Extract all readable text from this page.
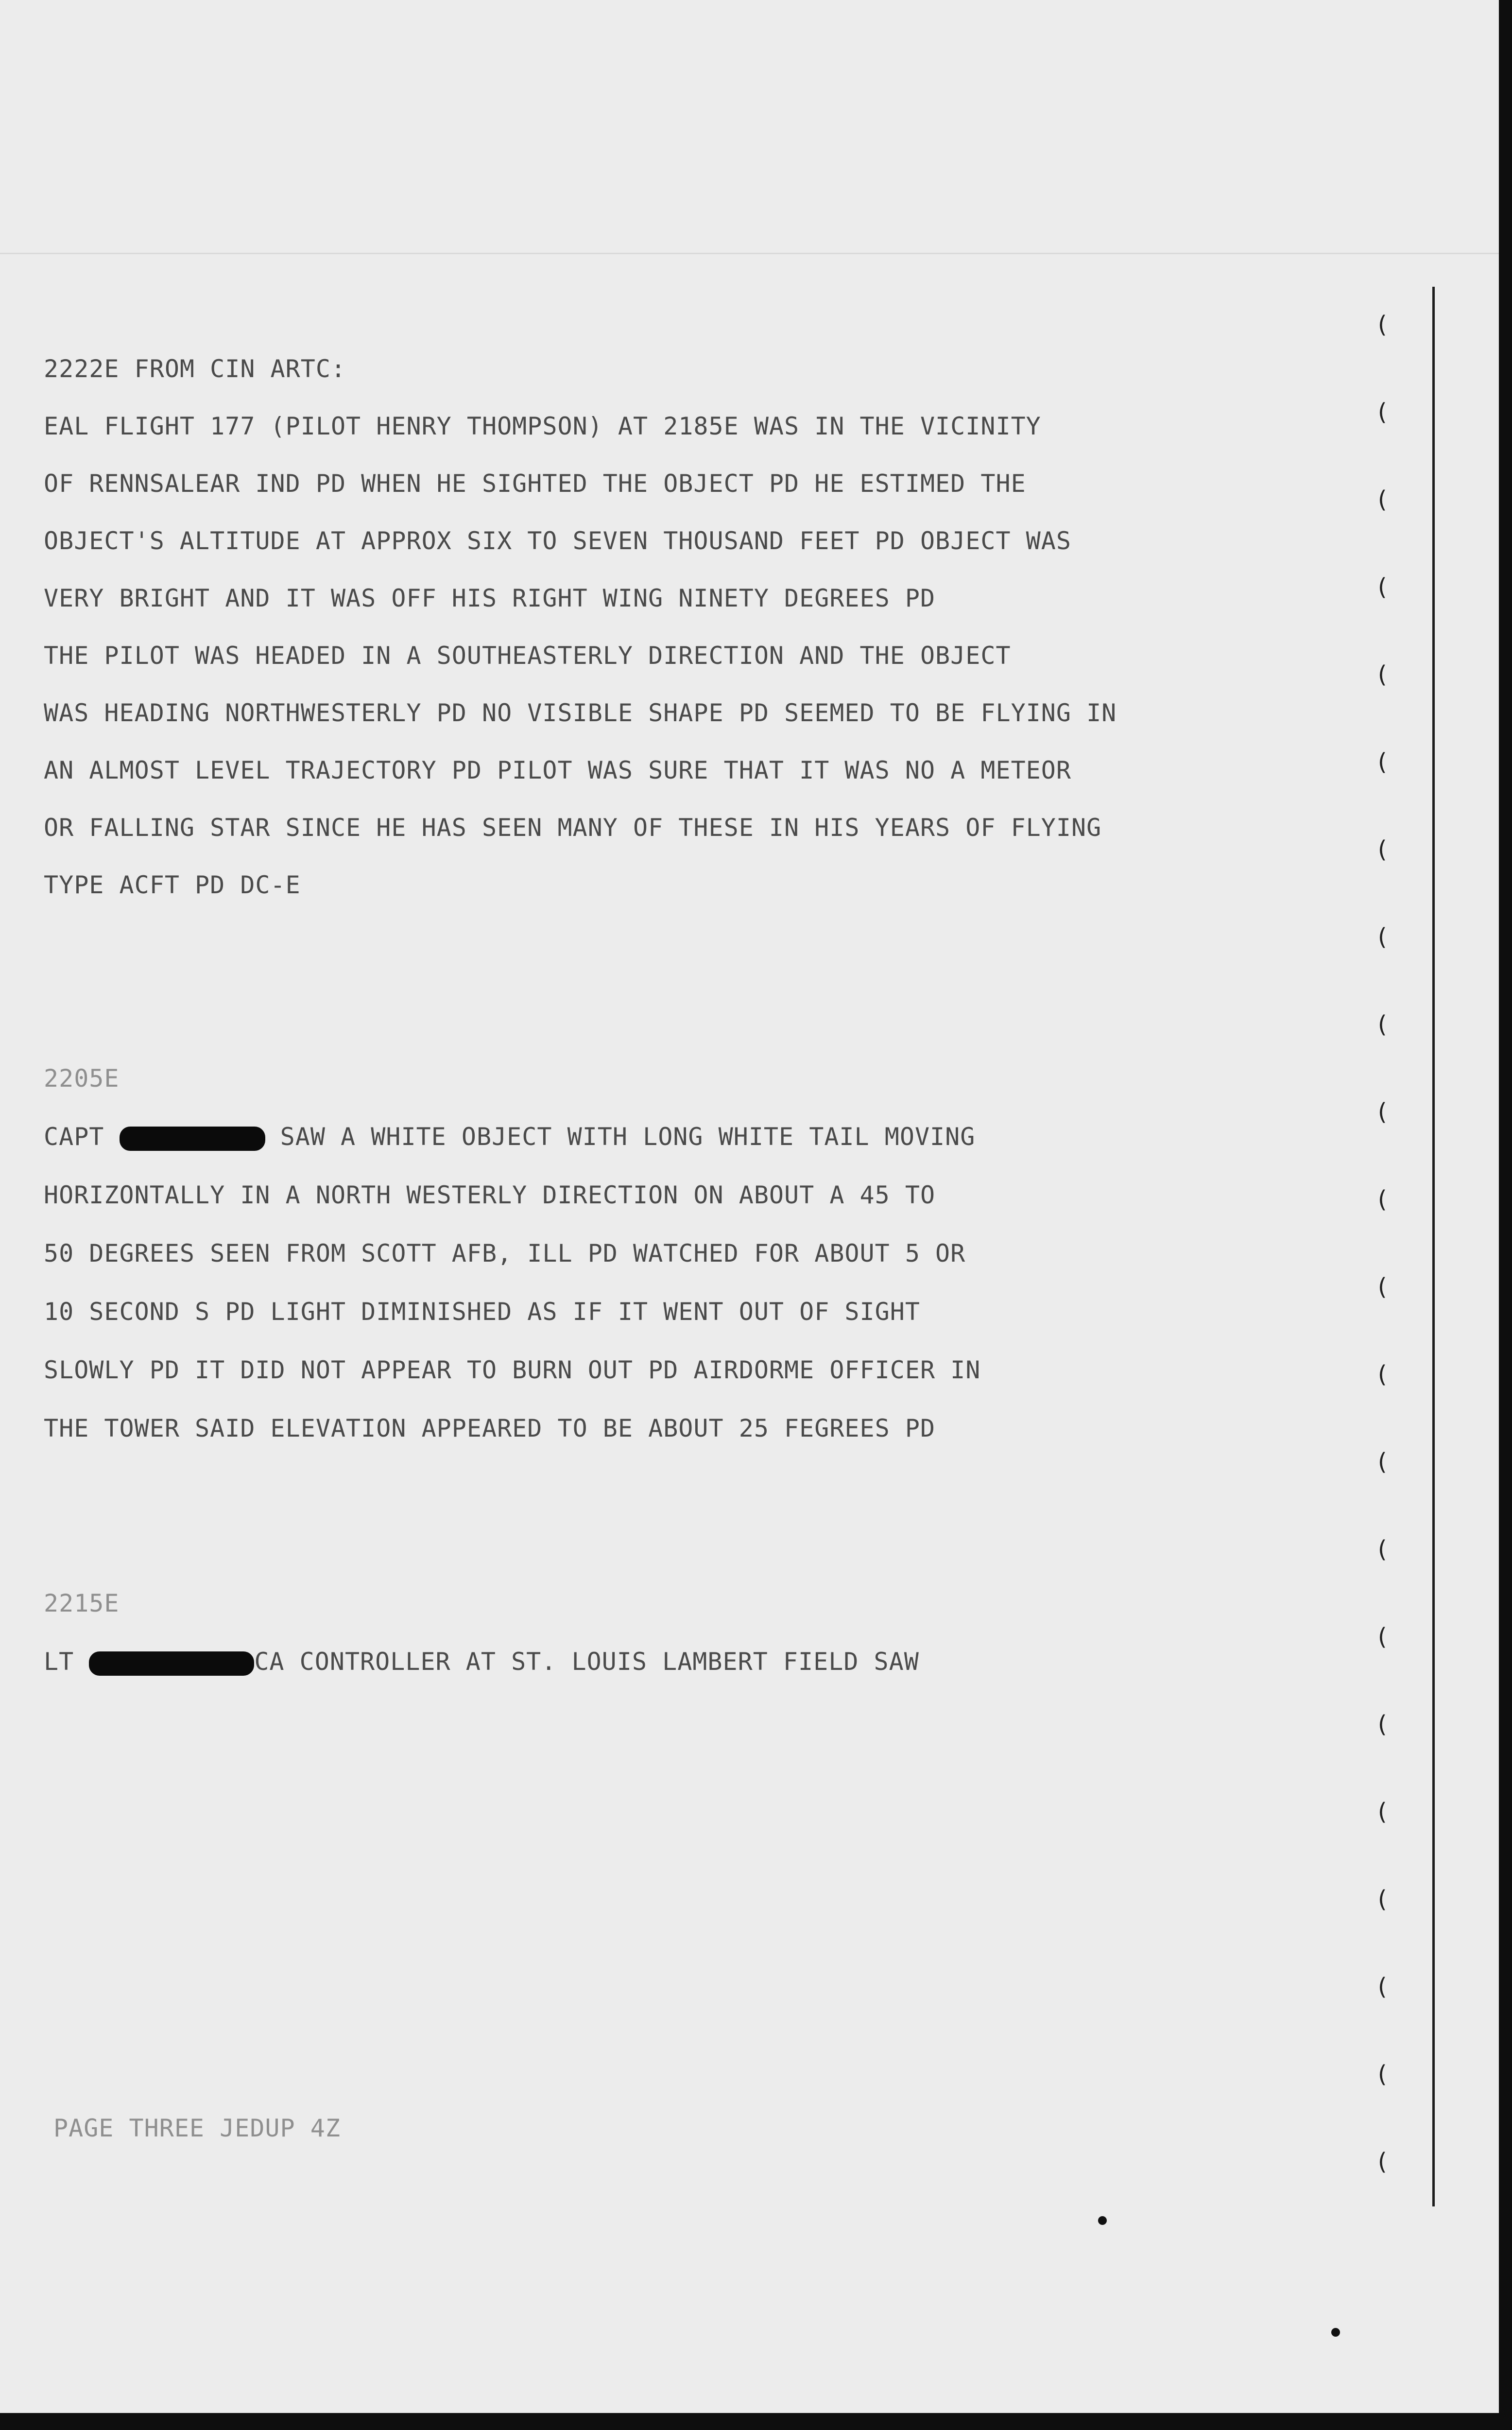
2222E FROM CIN ARTC:
EAL FLIGHT 177 (PILOT HENRY THOMPSON) AT 2185E WAS IN THE VICINITY
OF RENNSALEAR IND PD WHEN HE SIGHTED THE OBJECT PD HE ESTIMED THE
OBJECT'S ALTITUDE AT APPROX SIX TO SEVEN THOUSAND FEET PD OBJECT WAS
VERY BRIGHT AND IT WAS OFF HIS RIGHT WING NINETY DEGREES PD
THE PILOT WAS HEADED IN A SOUTHEASTERLY DIRECTION AND THE OBJECT
WAS HEADING NORTHWESTERLY PD NO VISIBLE SHAPE PD SEEMED TO BE FLYING IN
AN ALMOST LEVEL TRAJECTORY PD PILOT WAS SURE THAT IT WAS NO A METEOR
OR FALLING STAR SINCE HE HAS SEEN MANY OF THESE IN HIS YEARS OF FLYING
TYPE ACFT PD DC-E
2205E
CAPT	SAW A WHITE OBJECT WITH LONG WHITE TAIL MOVING
HORIZONTALLY IN A NORTH WESTERLY DIRECTION ON ABOUT A 45 TO
50 DEGREES SEEN FROM SCOTT AFB, ILL PD WATCHED FOR ABOUT 5 OR
10 SECOND S PD LIGHT DIMINISHED AS IF IT WENT OUT OF SIGHT
SLOWLY PD IT DID NOT APPEAR TO BURN OUT PD AIRDORME OFFICER IN
THE TOWER SAID ELEVATION APPEARED TO BE ABOUT 25 FEGREES PD
2215E
LT	CA CONTROLLER AT ST. LOUIS LAMBERT FIELD SAW
PAGE THREE JEDUP 4Z
(
(
(
(
(
(
(
(
(
(
(
(
(
(
(
(
(
(
(
(
(
(
